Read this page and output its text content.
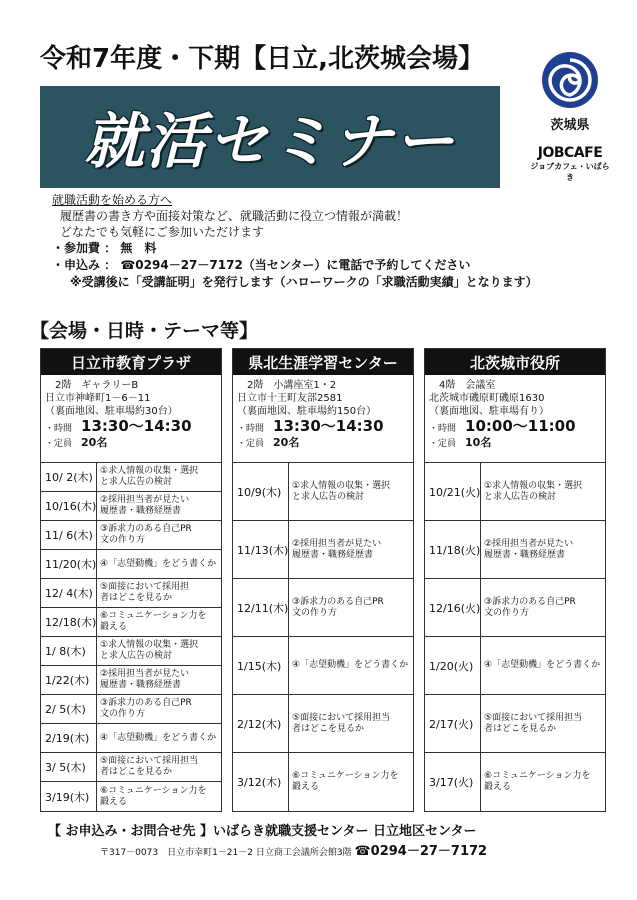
令和7年度・下期【日立,北茨城会場】
就活セミナー	茨城県
JOBCAFE
ジョブカフェ・いばらき
就職活動を始める方へ
履歴書の書き方や面接対策など、就職活動に役立つ情報が満載！
どなたでも気軽にご参加いただけます
・参加費 ： 無　料
・申込み ： ☎0294－27－7172（当センター）に電話で予約してください
※受講後に「受講証明」を発行します（ハローワークの「求職活動実績」となります）
【会場・日時・テーマ等】
日立市教育プラザ
2階　ギャラリーB
日立市神峰町1－6－11
（裏面地図、駐車場約30台）
・時間　 13:30～14:30
・定員　 20名
10/ 2(木) ①求人情報の収集・選択
と求人広告の検討
10/16(木) ②採用担当者が見たい
履歴書・職務経歴書
11/ 6(木) ③訴求力のある自己PR
文の作り方
11/20(木) ④「志望動機」をどう書くか
12/ 4(木) ⑤面接において採用担
者はどこを見るか
12/18(木) ⑥コミュニケーション力を
鍛える
1/ 8(木)	①求人情報の収集・選択
と求人広告の検討
1/22(木)	②採用担当者が見たい
履歴書・職務経歴書
2/ 5(木)	③訴求力のある自己PR
文の作り方
2/19(木)	④「志望動機」をどう書くか
3/ 5(木)	⑤面接において採用担当
者はどこを見るか
3/19(木)	⑥コミュニケーション力を
鍛える
県北生涯学習センター
2階　小講座室1・2
日立市十王町友部2581
（裏面地図、駐車場約150台）
・時間　 13:30～14:30
・定員　 20名
10/9(木)	①求人情報の収集・選択
と求人広告の検討
11/13(木) ②採用担当者が見たい
履歴書・職務経歴書
12/11(木) ③訴求力のある自己PR
文の作り方
1/15(木)	④「志望動機」をどう書くか
2/12(木)	⑤面接において採用担当
者はどこを見るか
3/12(木)	⑥コミュニケーション力を
鍛える
北茨城市役所
4階　会議室
北茨城市磯原町磯原1630
（裏面地図、駐車場有り）
・時間　 10:00～11:00
・定員　 10名
10/21(火) ①求人情報の収集・選択
と求人広告の検討
11/18(火) ②採用担当者が見たい
履歴書・職務経歴書
12/16(火) ③訴求力のある自己PR
文の作り方
1/20(火)	④「志望動機」をどう書くか
2/17(火)	⑤面接において採用担当
者はどこを見るか
3/17(火)	⑥コミュニケーション力を
鍛える
【 お申込み・お問合せ先 】いばらき就職支援センター 日立地区センター
〒317－0073　日立市幸町1－21－2 日立商工会議所会館3階 ☎0294－27－7172
